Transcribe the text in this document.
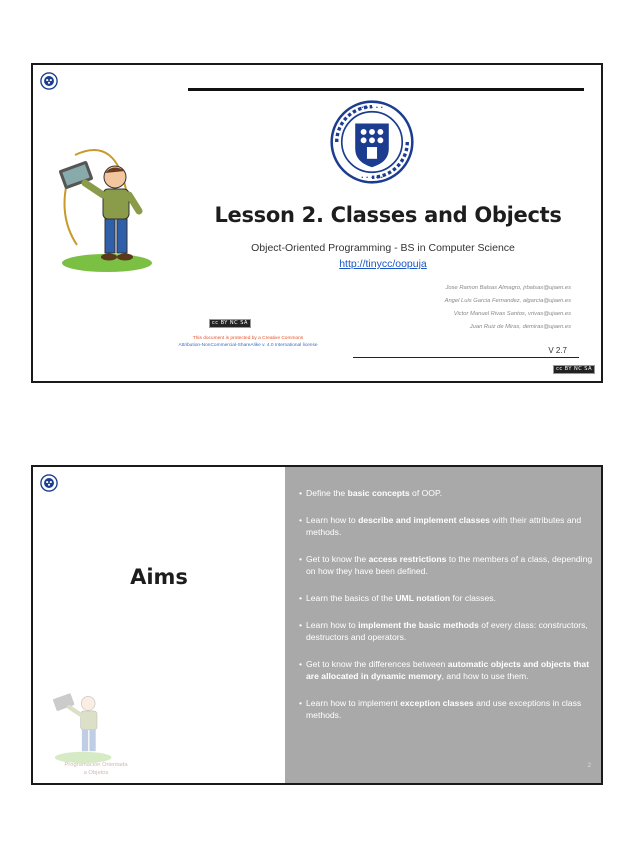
· · · · ·
· · · · ·
Lesson 2. Classes and Objects
Object-Oriented Programming - BS in Computer Science
http://tinycc/oopuja
Jose Ramon Balsas Almagro, jrbalsas@ujaen.es
Angel Luis Garcia Fernandez, algarcia@ujaen.es
Victor Manuel Rivas Santos, vrivas@ujaen.es
Juan Ruiz de Miras, demiras@ujaen.es
cc BY NC SA
This document is protected by a Creative Commons
Attribution-NonCommercial-ShareAlike v. 4.0 International license
V 2.7
cc BY NC SA
Aims
Programación Orientada
a Objetos
• Define the basic concepts of OOP.
• Learn how to describe and implement classes with their attributes and methods.
• Get to know the access restrictions to the members of a class, depending on how they have been defined.
• Learn the basics of the UML notation for classes.
• Learn how to implement the basic methods of every class: constructors, destructors and operators.
• Get to know the differences between automatic objects and objects that are allocated in dynamic memory, and how to use them.
• Learn how to implement exception classes and use exceptions in class methods.
2
